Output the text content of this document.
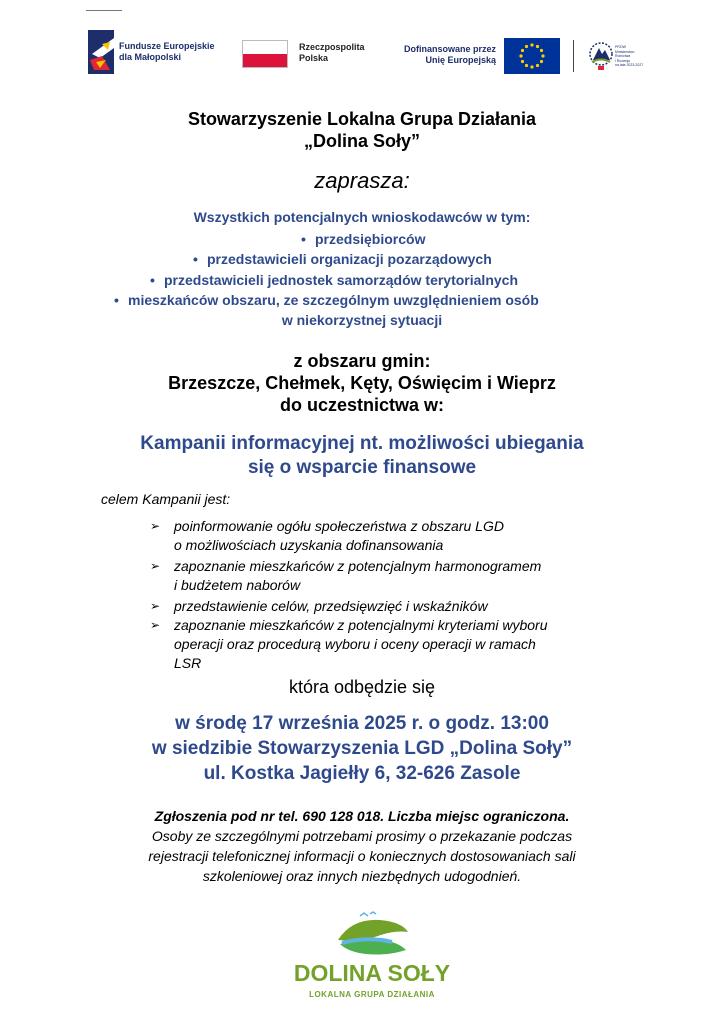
Fundusze Europejskie
dla Małopolski
Rzeczpospolita
Polska
Dofinansowane przez
Unię Europejską
PROW
Ministerstwo
Rolnictwa
i Rozwoju
na lata 2023-2027
Stowarzyszenie Lokalna Grupa Działania
„Dolina Soły”
zaprasza:
Wszystkich potencjalnych wnioskodawców w tym:
• przedsiębiorców
• przedstawicieli organizacji pozarządowych
• przedstawicieli jednostek samorządów terytorialnych
• mieszkańców obszaru, ze szczególnym uwzględnieniem osób
w niekorzystnej sytuacji
z obszaru gmin:
Brzeszcze, Chełmek, Kęty, Oświęcim i Wieprz
do uczestnictwa w:
Kampanii informacyjnej nt. możliwości ubiegania
się o wsparcie finansowe
celem Kampanii jest:
➢ poinformowanie ogółu społeczeństwa z obszaru LGD
o możliwościach uzyskania dofinansowania
➢ zapoznanie mieszkańców z potencjalnym harmonogramem
i budżetem naborów
➢ przedstawienie celów, przedsięwzięć i wskaźników
➢ zapoznanie mieszkańców z potencjalnymi kryteriami wyboru
operacji oraz procedurą wyboru i oceny operacji w ramach
LSR
która odbędzie się
w środę 17 września 2025 r. o godz. 13:00
w siedzibie Stowarzyszenia LGD „Dolina Soły”
ul. Kostka Jagiełły 6, 32-626 Zasole
Zgłoszenia pod nr tel. 690 128 018. Liczba miejsc ograniczona.
Osoby ze szczególnymi potrzebami prosimy o przekazanie podczas
rejestracji telefonicznej informacji o koniecznych dostosowaniach sali
szkoleniowej oraz innych niezbędnych udogodnień.
DOLINA SOŁY
LOKALNA GRUPA DZIAŁANIA
